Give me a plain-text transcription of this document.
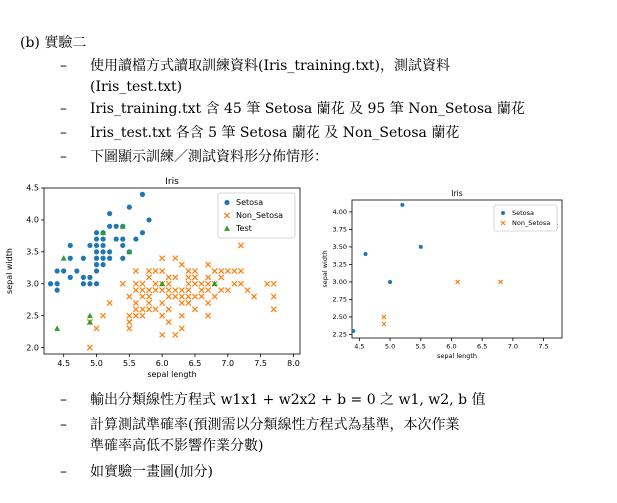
(b) 實驗二
– 使用讀檔方式讀取訓練資料(Iris_training.txt)，測試資料
(Iris_test.txt)
– Iris_training.txt 含 45 筆 Setosa 蘭花 及 95 筆 Non_Setosa 蘭花
– Iris_test.txt 各含 5 筆 Setosa 蘭花 及 Non_Setosa 蘭花
– 下圖顯示訓練／測試資料形分佈情形：
Iris
4.5	5.0	5.5	6.0	6.5	7.0	7.5	8.0
2.0
2.5
3.0
3.5
4.0
4.5
sepal length
sepal width
Setosa
Non_Setosa
Test
Iris
4.5	5.0	5.5	6.0	6.5	7.0	7.5
2.25
2.50
2.75
3.00
3.25
3.50
3.75
4.00
sepal length
sepal width
Setosa
Non_Setosa
– 輸出分類線性方程式 w1x1 + w2x2 + b = 0 之 w1, w2, b 值
– 計算測試準確率(預測需以分類線性方程式為基準，本次作業
準確率高低不影響作業分數)
– 如實驗一畫圖(加分)
